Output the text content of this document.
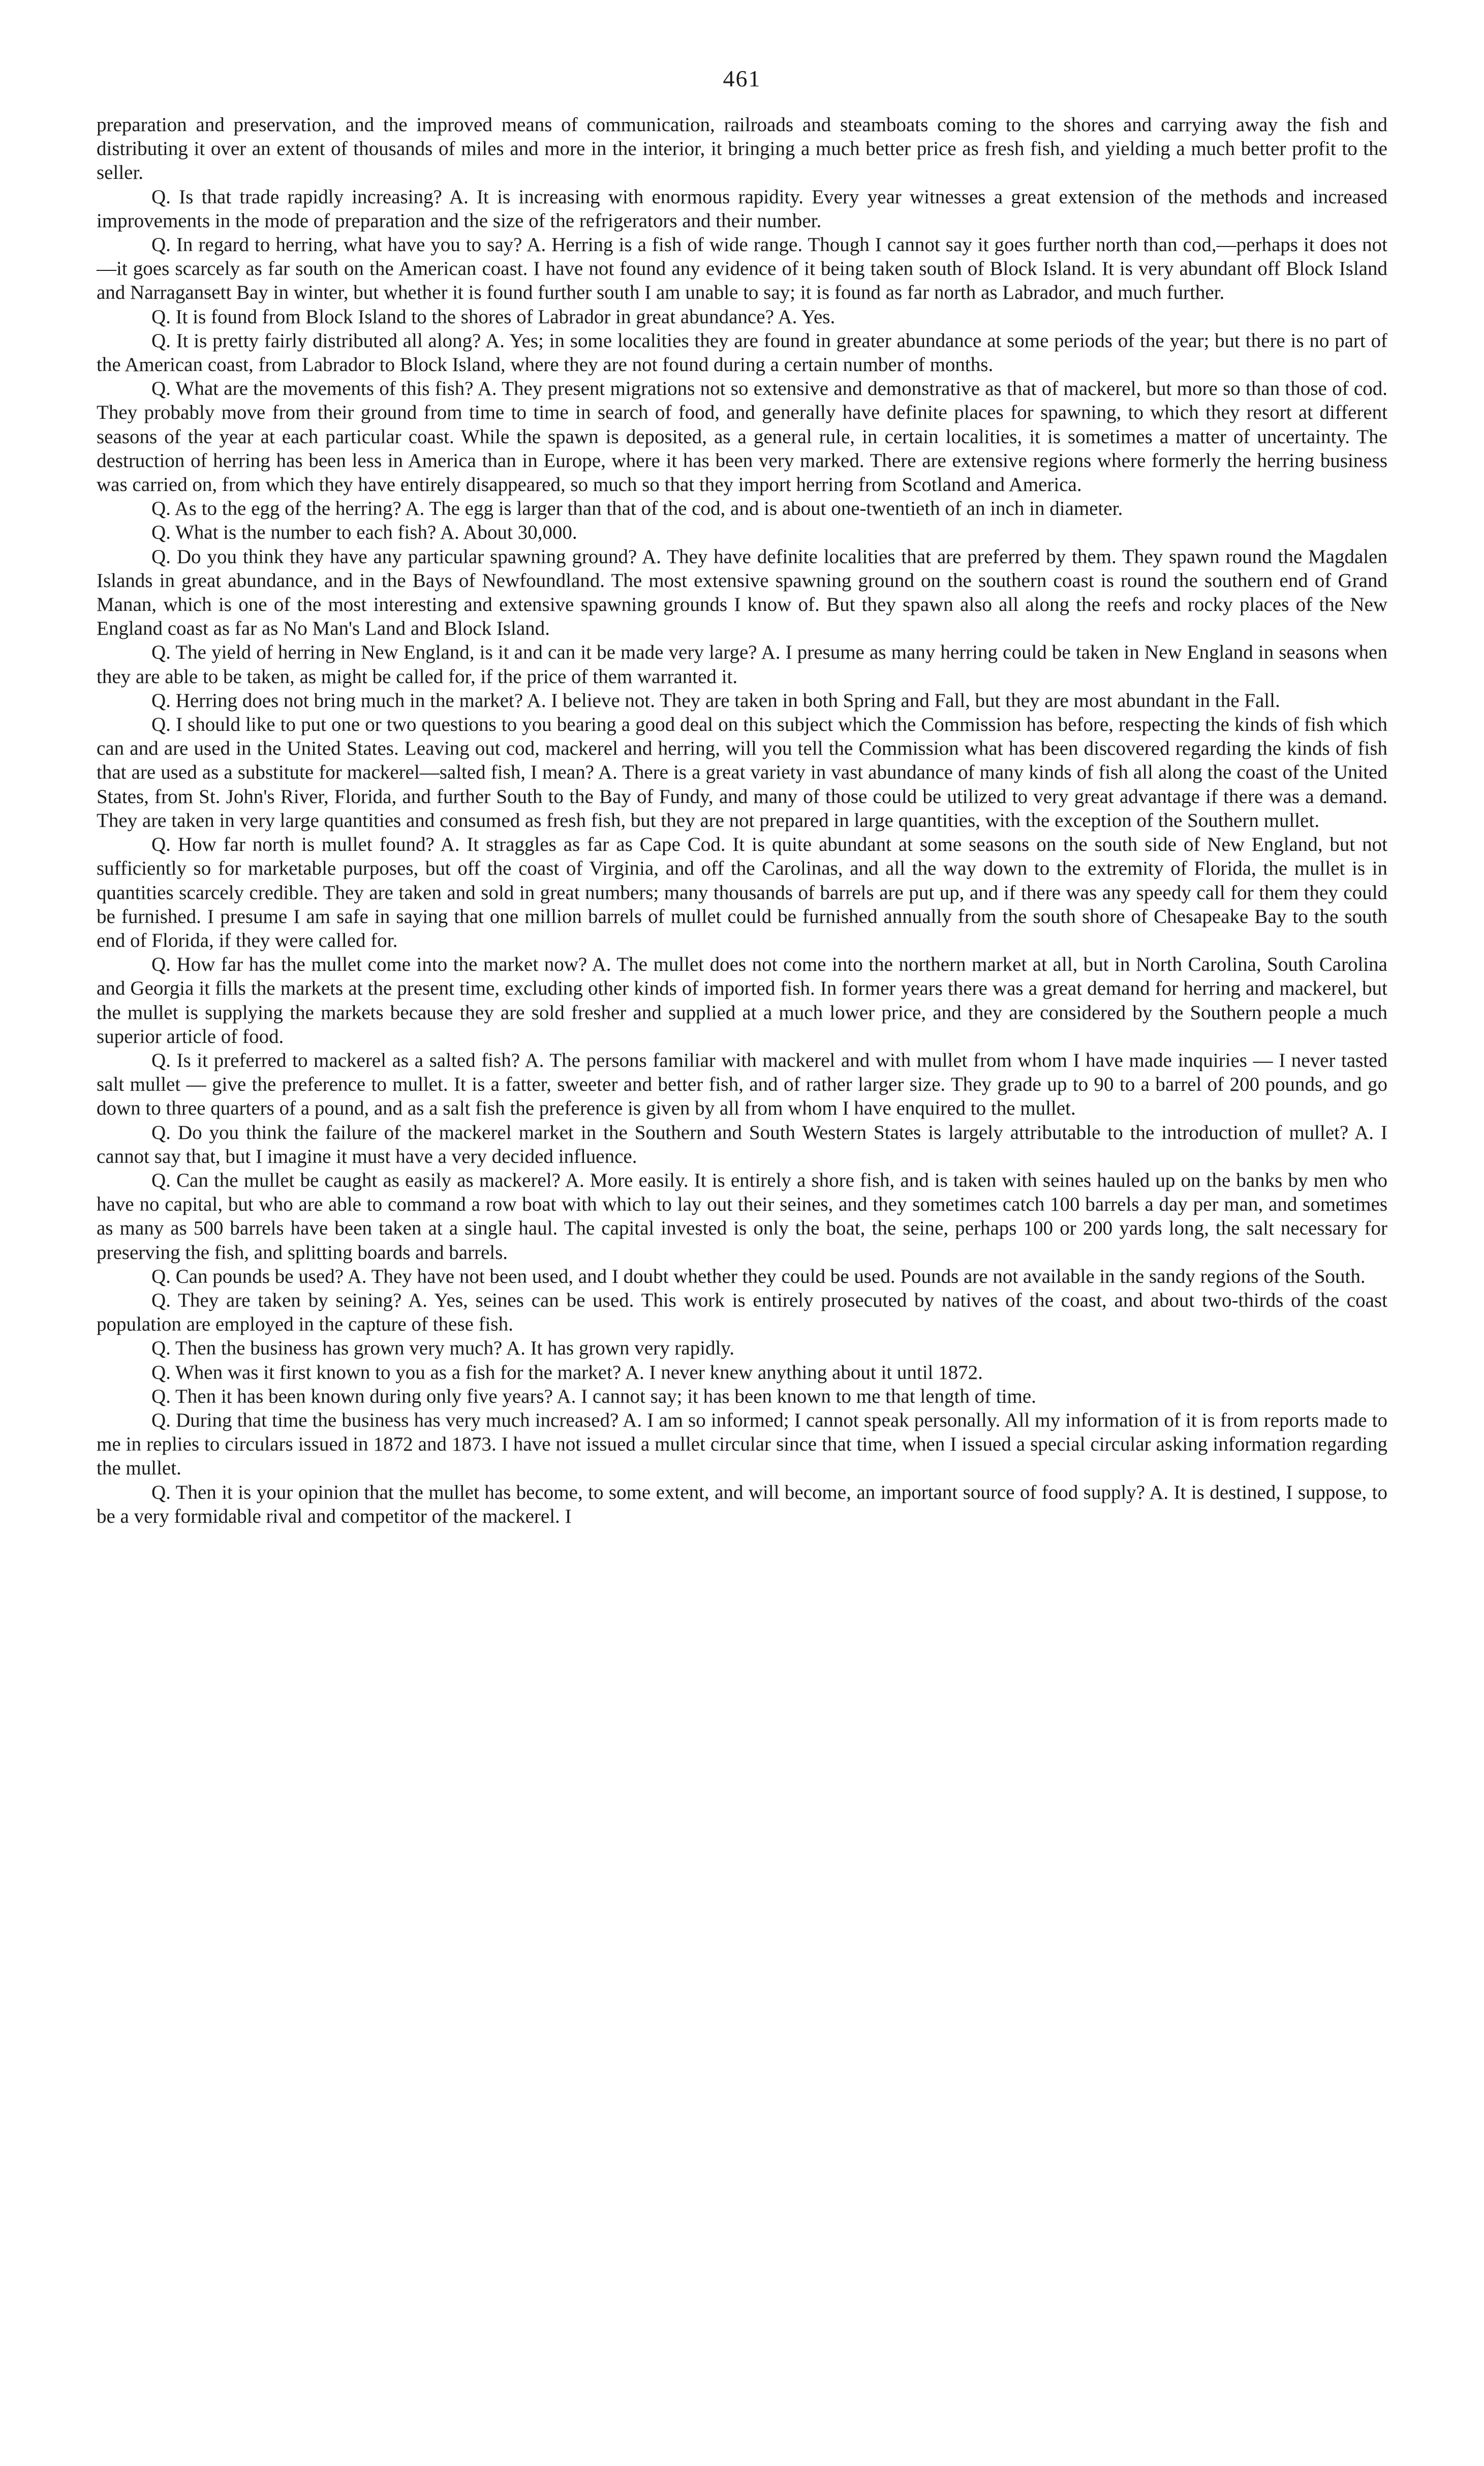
461

preparation and preservation, and the improved means of communication, railroads and steamboats coming to the shores and carrying away the fish and distributing it over an extent of thousands of miles and more in the interior, it bringing a much better price as fresh fish, and yielding a much better profit to the seller.

Q. Is that trade rapidly increasing? A. It is increasing with enormous rapidity. Every year witnesses a great extension of the methods and increased improvements in the mode of preparation and the size of the refrigerators and their number.

Q. In regard to herring, what have you to say? A. Herring is a fish of wide range. Though I cannot say it goes further north than cod,—perhaps it does not—it goes scarcely as far south on the American coast. I have not found any evidence of it being taken south of Block Island. It is very abundant off Block Island and Narragansett Bay in winter, but whether it is found further south I am unable to say; it is found as far north as Labrador, and much further.

Q. It is found from Block Island to the shores of Labrador in great abundance? A. Yes.

Q. It is pretty fairly distributed all along? A. Yes; in some localities they are found in greater abundance at some periods of the year; but there is no part of the American coast, from Labrador to Block Island, where they are not found during a certain number of months.

Q. What are the movements of this fish? A. They present migrations not so extensive and demonstrative as that of mackerel, but more so than those of cod. They probably move from their ground from time to time in search of food, and generally have definite places for spawning, to which they resort at different seasons of the year at each particular coast. While the spawn is deposited, as a general rule, in certain localities, it is sometimes a matter of uncertainty. The destruction of herring has been less in America than in Europe, where it has been very marked. There are extensive regions where formerly the herring business was carried on, from which they have entirely disappeared, so much so that they import herring from Scotland and America.

Q. As to the egg of the herring? A. The egg is larger than that of the cod, and is about one-twentieth of an inch in diameter.

Q. What is the number to each fish? A. About 30,000.

Q. Do you think they have any particular spawning ground? A. They have definite localities that are preferred by them. They spawn round the Magdalen Islands in great abundance, and in the Bays of Newfoundland. The most extensive spawning ground on the southern coast is round the southern end of Grand Manan, which is one of the most interesting and extensive spawning grounds I know of. But they spawn also all along the reefs and rocky places of the New England coast as far as No Man's Land and Block Island.

Q. The yield of herring in New England, is it and can it be made very large? A. I presume as many herring could be taken in New England in seasons when they are able to be taken, as might be called for, if the price of them warranted it.

Q. Herring does not bring much in the market? A. I believe not. They are taken in both Spring and Fall, but they are most abundant in the Fall.

Q. I should like to put one or two questions to you bearing a good deal on this subject which the Commission has before, respecting the kinds of fish which can and are used in the United States. Leaving out cod, mackerel and herring, will you tell the Commission what has been discovered regarding the kinds of fish that are used as a substitute for mackerel—salted fish, I mean? A. There is a great variety in vast abundance of many kinds of fish all along the coast of the United States, from St. John's River, Florida, and further South to the Bay of Fundy, and many of those could be utilized to very great advantage if there was a demand. They are taken in very large quantities and consumed as fresh fish, but they are not prepared in large quantities, with the exception of the Southern mullet.

Q. How far north is mullet found? A. It straggles as far as Cape Cod. It is quite abundant at some seasons on the south side of New England, but not sufficiently so for marketable purposes, but off the coast of Virginia, and off the Carolinas, and all the way down to the extremity of Florida, the mullet is in quantities scarcely credible. They are taken and sold in great numbers; many thousands of barrels are put up, and if there was any speedy call for them they could be furnished. I presume I am safe in saying that one million barrels of mullet could be furnished annually from the south shore of Chesapeake Bay to the south end of Florida, if they were called for.

Q. How far has the mullet come into the market now? A. The mullet does not come into the northern market at all, but in North Carolina, South Carolina and Georgia it fills the markets at the present time, excluding other kinds of imported fish. In former years there was a great demand for herring and mackerel, but the mullet is supplying the markets because they are sold fresher and supplied at a much lower price, and they are considered by the Southern people a much superior article of food.

Q. Is it preferred to mackerel as a salted fish? A. The persons familiar with mackerel and with mullet from whom I have made inquiries — I never tasted salt mullet — give the preference to mullet. It is a fatter, sweeter and better fish, and of rather larger size. They grade up to 90 to a barrel of 200 pounds, and go down to three quarters of a pound, and as a salt fish the preference is given by all from whom I have enquired to the mullet.

Q. Do you think the failure of the mackerel market in the Southern and South Western States is largely attributable to the introduction of mullet? A. I cannot say that, but I imagine it must have a very decided influence.

Q. Can the mullet be caught as easily as mackerel? A. More easily. It is entirely a shore fish, and is taken with seines hauled up on the banks by men who have no capital, but who are able to command a row boat with which to lay out their seines, and they sometimes catch 100 barrels a day per man, and sometimes as many as 500 barrels have been taken at a single haul. The capital invested is only the boat, the seine, perhaps 100 or 200 yards long, the salt necessary for preserving the fish, and splitting boards and barrels.

Q. Can pounds be used? A. They have not been used, and I doubt whether they could be used. Pounds are not available in the sandy regions of the South.

Q. They are taken by seining? A. Yes, seines can be used. This work is entirely prosecuted by natives of the coast, and about two-thirds of the coast population are employed in the capture of these fish.

Q. Then the business has grown very much? A. It has grown very rapidly.

Q. When was it first known to you as a fish for the market? A. I never knew anything about it until 1872.

Q. Then it has been known during only five years? A. I cannot say; it has been known to me that length of time.

Q. During that time the business has very much increased? A. I am so informed; I cannot speak personally. All my information of it is from reports made to me in replies to circulars issued in 1872 and 1873. I have not issued a mullet circular since that time, when I issued a special circular asking information regarding the mullet.

Q. Then it is your opinion that the mullet has become, to some extent, and will become, an important source of food supply? A. It is destined, I suppose, to be a very formidable rival and competitor of the mackerel. I
